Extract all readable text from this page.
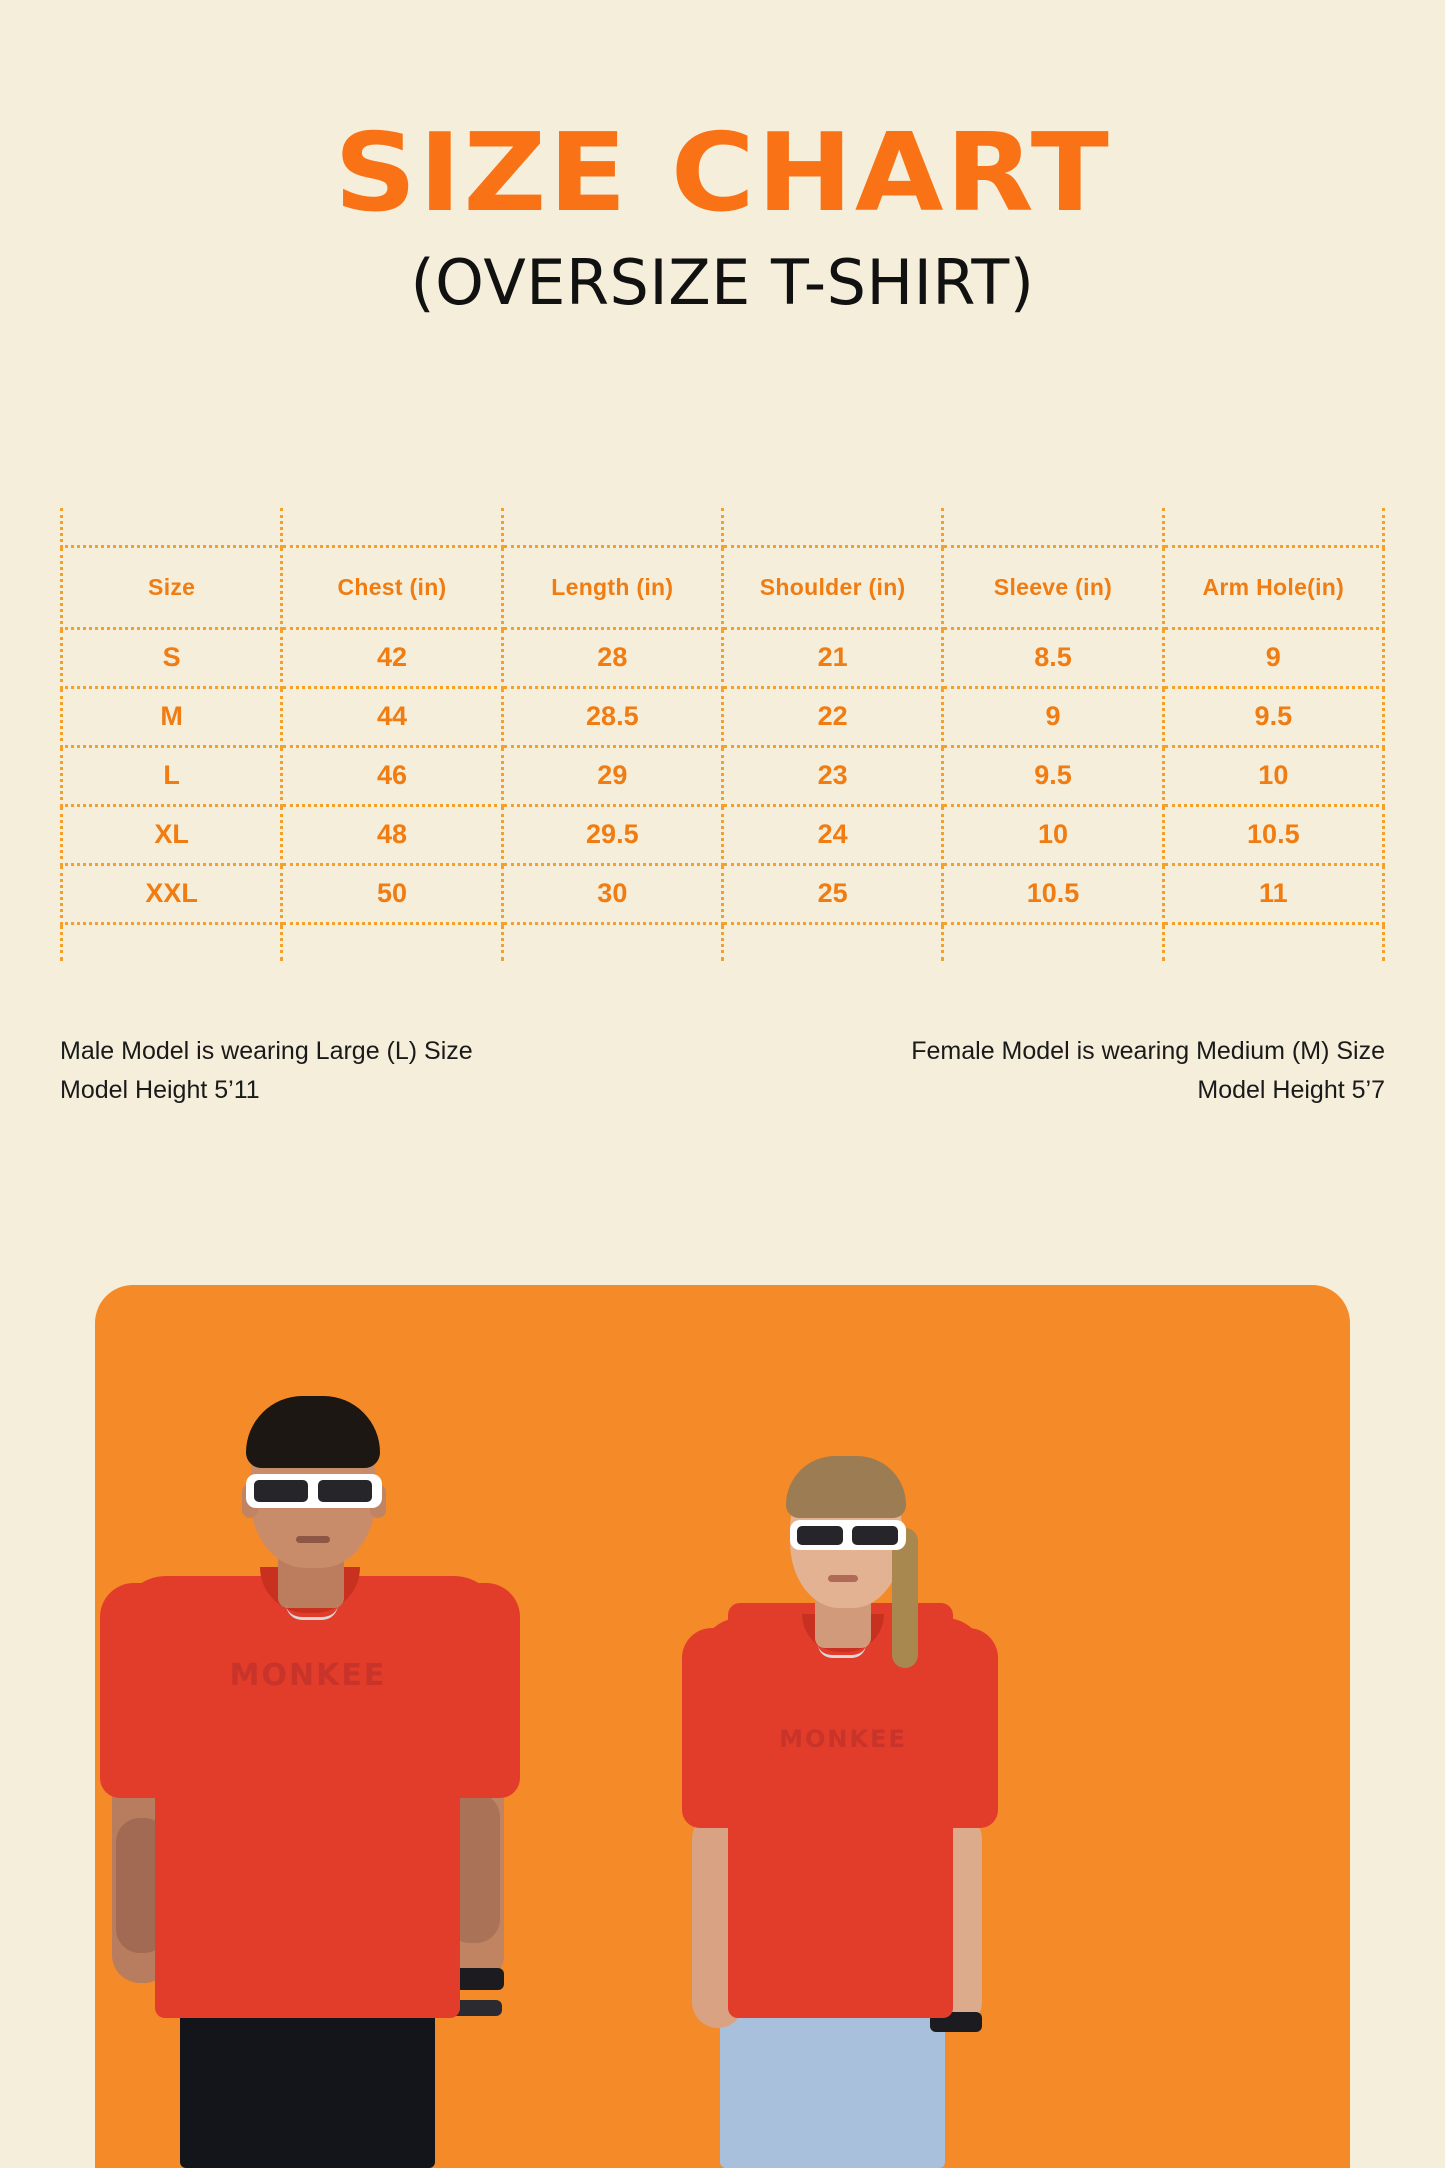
SIZE CHART
(OVERSIZE T-SHIRT)

Size	Chest (in)	Length (in)	Shoulder (in)	Sleeve (in)	Arm Hole(in)
S	42	28	21	8.5	9
M	44	28.5	22	9	9.5
L	46	29	23	9.5	10
XL	48	29.5	24	10	10.5
XXL	50	30	25	10.5	11

Male Model is wearing Large (L) Size
Model Height 5’11
Female Model is wearing Medium (M) Size
Model Height 5’7
MONKEE
MONKEE
